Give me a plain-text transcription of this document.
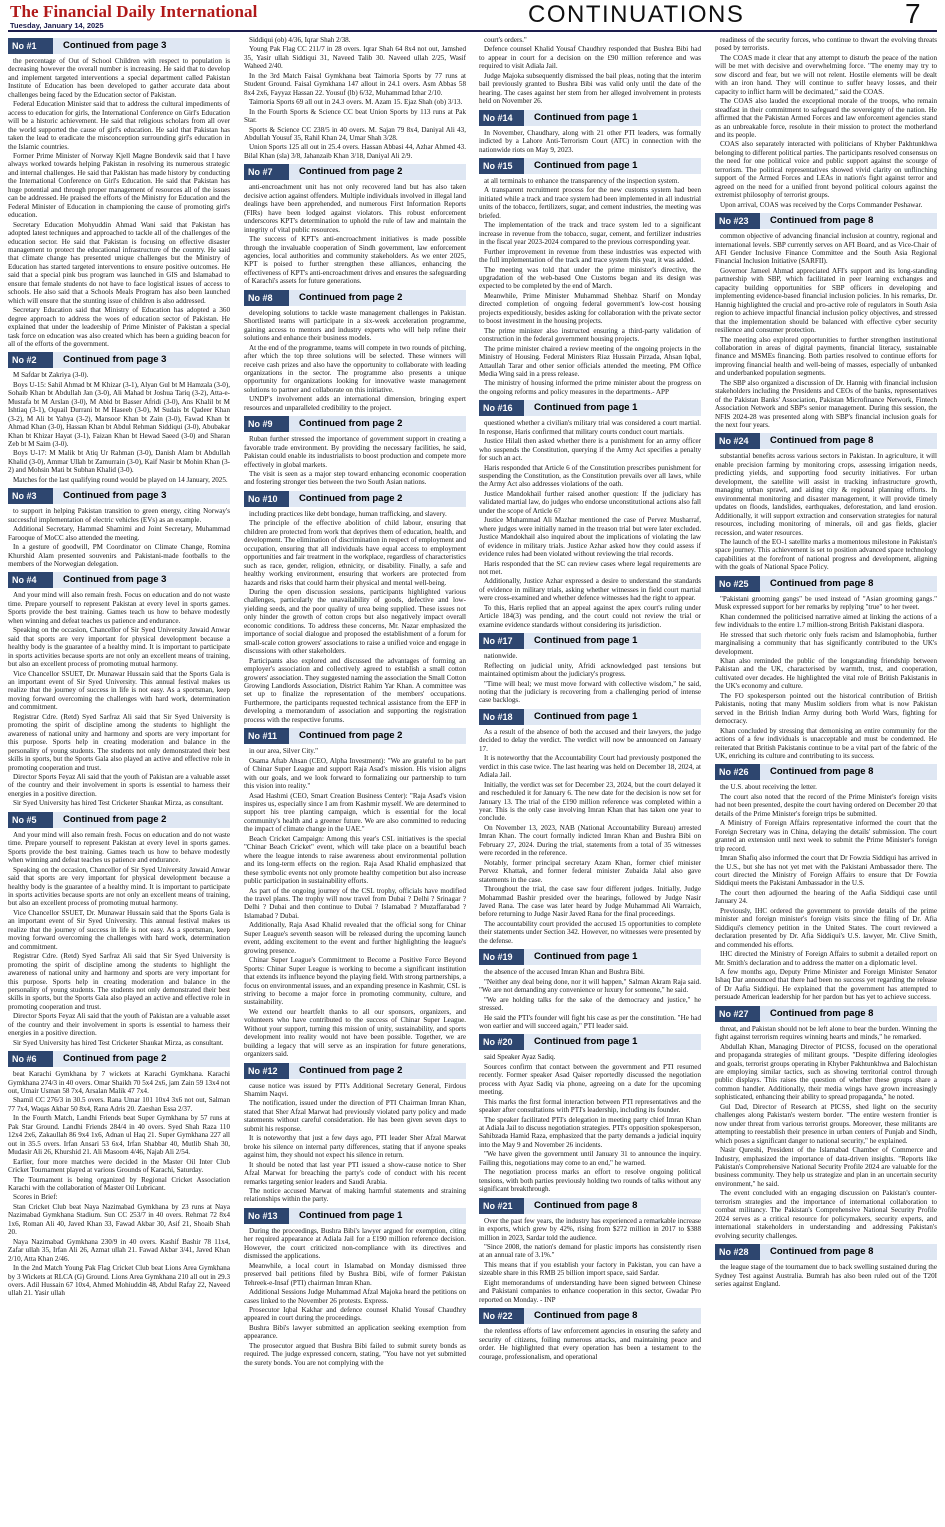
The Financial Daily International
Tuesday, January 14, 2025	CONTINUATIONS	7
No #1	Continued from page 3

the percentage of Out of School Children with respect to population is decreasing however the overall number is increasing. He said that to develop and implement targeted interventions a special department called Pakistan Institute of Education has been developed to gather accurate data about challenges being faced by the Education sector of Pakistan.

Federal Education Minister said that to address the cultural impediments of access to education for girls, the International Conference on Girl's Education will be a historic achievement. He said that religious scholars from all over the world supported the cause of girl's education. He said that Pakistan has taken the lead to eradicate the misconception surrounding girl's education in the Islamic countries.

Former Prime Minister of Norway Kjell Magne Bondevik said that I have always worked towards helping Pakistan in resolving its numerous strategic and internal challenges. He said that Pakistan has made history by conducting the International Conference on Girl's Education. He said that Pakistan has huge potential and through proper management of resources all of the issues can be addressed. He praised the efforts of the Ministry for Education and the Federal Minister of Education in championing the cause of promoting girl's education.

Secretary Education Mohyuddin Ahmad Wani said that Pakistan has adopted latest techniques and approached to tackle all of the challenges of the education sector. He said that Pakistan is focusing on effective disaster management to protect the educational infrastructure of the country. He said that climate change has presented unique challenges but the Ministry of Education has started targeted interventions to ensure positive outcomes. He said that a special pink bus program was launched in GIS and Islamabad to ensure that female students do not have to face logistical issues of access to schools. He also said that a Schools Meals Program has also been launched which will ensure that the stunting issue of children is also addressed.

Secretary Education said that Ministry of Education has adopted a 360 degree approach to address the woes of education sector of Pakistan. He explained that under the leadership of Prime Minister of Pakistan a special task force on education was also created which has been a guiding beacon for all of the efforts of the government.

No #2	Continued from page 3

M Safdar bt Zakriya (3-0).

Boys U-15: Sahil Ahmad bt M Khizar (3-1), Alyan Gul bt M Hamzala (3-0), Sohaib Khan bt Abdullah Jan (3-0), Ali Mahad bt Joshua Tariq (3-2), Atta-e-Mustafa bt M Arslan (3-0), M Abid bt Basser Afridi (3-0), Ans Khalil bt M Ishtiaq (3-1), Oquail Durrani bt M Haseeb (3-0), M Sudais bt Qadeer Khan (3-2), M Ali bt Yahya (3-2), Mansoor Khan bt Zain (3-0), Fawad Khan bt Ahmad Khan (3-0), Hassan Khan bt Abdul Rehman Siddiqui (3-0), Abubakar Khan bt Khizar Hayat (3-1), Faizan Khan bt Hewad Saeed (3-0) and Sharan Zeb bt M Saim (3-0).

Boys U-17: M Malik bt Atiq Ur Rahman (3-0), Danish Alam bt Abdullah Khalid (3-0), Ammar Ullah bt Zamurrain (3-0), Kaif Nasir bt Mohin Khan (3-2) and Mohsin Mati bt Subhan Khalid (3-0).

Matches for the last qualifying round would be played on 14 January, 2025.

No #3	Continued from page 3

to support in helping Pakistan transition to green energy, citing Norway's successful implementation of electric vehicles (EVs) as an example.

Additional Secretary, Hammad Shamimi and Joint Secretary, Muhammad Farooque of MoCC also attended the meeting.

In a gesture of goodwill, PM Coordinator on Climate Change, Romina Khurshid Alam presented souvenirs and Pakistani-made footballs to the members of the Norwegian delegation.

No #4	Continued from page 3

And your mind will also remain fresh. Focus on education and do not waste time. Prepare yourself to represent Pakistan at every level in sports games. Sports provide the best training. Games teach us how to behave modestly when winning and defeat teaches us patience and endurance.

Speaking on the occasion, Chancellor of Sir Syed University Jawaid Anwar said that sports are very important for physical development because a healthy body is the guarantee of a healthy mind. It is important to participate in sports activities because sports are not only an excellent means of training, but also an excellent process of promoting mutual harmony.

Vice Chancellor SSUET, Dr. Munawar Hussain said that the Sports Gala is an important event of Sir Syed University. This annual festival makes us realize that the journey of success in life is not easy. As a sportsman, keep moving forward overcoming the challenges with hard work, determination and commitment.

Registrar Cdre. (Retd) Syed Sarfraz Ali said that Sir Syed University is promoting the spirit of discipline among the students to highlight the awareness of national unity and harmony and sports are very important for this purpose. Sports help in creating moderation and balance in the personality of young students. The students not only demonstrated their best skills in sports, but the Sports Gala also played an active and effective role in promoting cooperation and trust.

Director Sports Feyaz Ali said that the youth of Pakistan are a valuable asset of the country and their involvement in sports is essential to harness their energies in a positive direction.

Sir Syed University has hired Test Cricketer Shaukat Mirza, as consultant.

No #5	Continued from page 2

And your mind will also remain fresh. Focus on education and do not waste time. Prepare yourself to represent Pakistan at every level in sports games. Sports provide the best training. Games teach us how to behave modestly when winning and defeat teaches us patience and endurance.

Speaking on the occasion, Chancellor of Sir Syed University Jawaid Anwar said that sports are very important for physical development because a healthy body is the guarantee of a healthy mind. It is important to participate in sports activities because sports are not only an excellent means of training, but also an excellent process of promoting mutual harmony.

Vice Chancellor SSUET, Dr. Munawar Hussain said that the Sports Gala is an important event of Sir Syed University. This annual festival makes us realize that the journey of success in life is not easy. As a sportsman, keep moving forward overcoming the challenges with hard work, determination and commitment.

Registrar Cdre. (Retd) Syed Sarfraz Ali said that Sir Syed University is promoting the spirit of discipline among the students to highlight the awareness of national unity and harmony and sports are very important for this purpose. Sports help in creating moderation and balance in the personality of young students. The students not only demonstrated their best skills in sports, but the Sports Gala also played an active and effective role in promoting cooperation and trust.

Director Sports Feyaz Ali said that the youth of Pakistan are a valuable asset of the country and their involvement in sports is essential to harness their energies in a positive direction.

Sir Syed University has hired Test Cricketer Shaukat Mirza, as consultant.

No #6	Continued from page 2

beat Karachi Gymkhana by 7 wickets at Karachi Gymkhana. Karachi Gymkhana 274/3 in 40 overs. Omar Shaikh 70 5x4 2x6, jam Zain 59 13x4 not out, Umair Usman 58 7x4, Arsalan Malik 47 7x4.

Shamil CC 276/3 in 30.5 overs. Rana Umar 101 10x4 3x6 not out, Salman 77 7x4, Waqas Akbar 50 8x4, Rana Adris 20. Zaeshan Essa 2/37.

In the Fourth Match, Landhi Friends beat Super Gymkhana by 57 runs at Pak Star Ground. Landhi Friends 284/4 in 40 overs. Syed Shah Raza 110 12x4 2x6, Zakaullah 86 9x4 1x6, Adnan ul Haq 21. Super Gymkhana 227 all out in 35.5 overs. Irfan Ansari 53 6x4, Irfan Shabbar 40, Mutlib Shah 30, Mudasir Ali 26, Khurshid 21. Ali Masoom 4/46, Najab Ali 2/54.

Earlier, four more matches were decided in the Master Oil Inter Club Cricket Tournament played at various Grounds of Karachi, Saturday.

The Tournament is being organized by Regional Cricket Association Karachi with the collaboration of Master Oil Lubricant.

Scores in Brief:

Stan Cricket Club beat Naya Nazimabad Gymkhana by 23 runs at Naya Nazimabad Gymkhana Stadium. Sun CC 253/7 in 40 overs. Rehmat 72 8x4 1x6, Roman Ali 40, Javed Khan 33, Fawad Akbar 30, Asif 21, Shoaib Shah 20.

Naya Nazimabad Gymkhana 230/9 in 40 overs. Kashif Bashir 78 11x4, Zafar ullah 35, Irfan Ali 26, Azmat ullah 21. Fawad Akbar 3/41, Javed Khan 2/10, Atta Khan 2/46.

In the 2nd Match Young Pak Flag Cricket Club beat Lions Area Gymkhana by 3 Wickets at RLCA (G) Ground. Lions Area Gymkhana 210 all out in 29.3 overs. Adil Hussain 67 10x4, Ahmed Mohiuddin 48, Abdul Rafay 22, Naveed ullah 21. Yasir ullah

Siddiqui (ob) 4/36, Iqrar Shah 2/38.

Young Pak Flag CC 211/7 in 28 overs. Iqrar Shah 64 8x4 not out, Jamshed 35, Yasir ullah Siddiqui 31, Naveed Talib 30. Naveed ullah 2/25, Wasif Waheed 2/40.

In the 3rd Match Faisal Gymkhana beat Taimoria Sports by 77 runs at Student Ground. Faisal Gymkhana 147 allout in 24.1 overs. Asm Abbas 58 8x4 2x6, Fayyaz Hassan 22. Yousuf (lb) 6/32, Muhammad Izhar 2/10.

Taimoria Sports 69 all out in 24.3 overs. M. Azam 15. Ejaz Shah (ob) 3/13.

In the Fourth Sports & Science CC beat Union Sports by 113 runs at Pak Star.

Sports & Science CC 238/5 in 40 overs. M. Sajan 79 8x4, Daniyal Ali 43, Abdullah Yousuf 35, Rahil Khan 24, Umar Shah 3/28.

Union Sports 125 all out in 25.4 overs. Hassan Abbasi 44, Azhar Ahmed 43. Bilal Khan (sla) 3/8, Jahanzaib Khan 3/18, Daniyal Ali 2/9.

No #7	Continued from page 2

anti-encroachment unit has not only recovered land but has also taken decisive action against offenders. Multiple individuals involved in illegal land dealings have been apprehended, and numerous First Information Reports (FIRs) have been lodged against violators. This robust enforcement underscores KPT's determination to uphold the rule of law and maintain the integrity of vital public resources.

The success of KPT's anti-encroachment initiatives is made possible through the invaluable cooperation of Sindh government, law enforcement agencies, local authorities and community stakeholders. As we enter 2025, KPT is poised to further strengthen these alliances, enhancing the effectiveness of KPT's anti-encroachment drives and ensures the safeguarding of Karachi's assets for future generations.

No #8	Continued from page 2

developing solutions to tackle waste management challenges in Pakistan. Shortlisted teams will participate in a six-week acceleration programme, gaining access to mentors and industry experts who will help refine their solutions and enhance their business models.

At the end of the programme, teams will compete in two rounds of pitching, after which the top three solutions will be selected. These winners will receive cash prizes and also have the opportunity to collaborate with leading organizations in the sector. The programme also presents a unique opportunity for organizations looking for innovative waste management solutions to partner and collaborate on this initiative.

UNDP's involvement adds an international dimension, bringing expert resources and unparalleled credibility to the project.

No #9	Continued from page 2

Ruban further stressed the importance of government support in creating a favorable trade environment. By providing the necessary facilities, he said, Pakistan could enable its industrialists to boost production and compete more effectively in global markets.

The visit is seen as a major step toward enhancing economic cooperation and fostering stronger ties between the two South Asian nations.

No #10	Continued from page 2

including practices like debt bondage, human trafficking, and slavery.

The principle of the effective abolition of child labour, ensuring that children are protected from work that deprives them of education, health, and development. The elimination of discrimination in respect of employment and occupation, ensuring that all individuals have equal access to employment opportunities and fair treatment in the workplace, regardless of characteristics such as race, gender, religion, ethnicity, or disability. Finally, a safe and healthy working environment, ensuring that workers are protected from hazards and risks that could harm their physical and mental well-being.

During the open discussion sessions, participants highlighted various challenges, particularly the unavailability of goods, defective and low-yielding seeds, and the poor quality of urea being supplied. These issues not only hinder the growth of cotton crops but also negatively impact overall economic conditions. To address these concerns, Mr. Nazar emphasized the importance of social dialogue and proposed the establishment of a forum for small-scale cotton growers' associations to raise a unified voice and engage in discussions with other stakeholders.

Participants also explored and discussed the advantages of forming an employer's association and collectively agreed to establish a small cotton growers' association. They suggested naming the association the Small Cotton Growing Landlords Association, District Rahim Yar Khan. A committee was set up to finalize the representation of the members' occupations. Furthermore, the participants requested technical assistance from the EFP in developing a memorandum of association and supporting the registration process with the respective forums.

No #11	Continued from page 2

in our area, Silver City."

Osama Aftab Ahsan (CEO, Alpha Investment): "We are grateful to be part of Chinar Super League and support Raja Asad's mission. His vision aligns with our goals, and we look forward to formalizing our partnership to turn this vision into reality."

Asad Hashmi (CEO, Smart Creation Business Center): "Raja Asad's vision inspires us, especially since I am from Kashmir myself. We are determined to support his tree planting campaign, which is essential for the local community's health and a greener future. We are also committed to reducing the impact of climate change in the UAE."

Beach Cricket Campaign: Among this year's CSL initiatives is the special "Chinar Beach Cricket" event, which will take place on a beautiful beach where the league intends to raise awareness about environmental pollution and its long-term effects on the region. Raja Asad Khalid emphasized that these symbolic events not only promote healthy competition but also increase public participation in sustainability efforts.

As part of the ongoing journey of the CSL trophy, officials have modified the travel plans. The trophy will now travel from Dubai ? Delhi ? Srinagar ? Delhi ? Dubai and then continue to Dubai ? Islamabad ? Muzaffarabad ? Islamabad ? Dubai.

Additionally, Raja Asad Khalid revealed that the official song for Chinar Super League's seventh season will be released during the upcoming launch event, adding excitement to the event and further highlighting the league's growing presence.

Chinar Super League's Commitment to Become a Positive Force Beyond Sports: Chinar Super League is working to become a significant institution that extends its influence beyond the playing field. With strong partnerships, a focus on environmental issues, and an expanding presence in Kashmir, CSL is striving to become a major force in promoting community, culture, and sustainability.

We extend our heartfelt thanks to all our sponsors, organizers, and volunteers who have contributed to the success of Chinar Super League. Without your support, turning this mission of unity, sustainability, and sports development into reality would not have been possible. Together, we are building a legacy that will serve as an inspiration for future generations, organizers said.

No #12	Continued from page 2

cause notice was issued by PTI's Additional Secretary General, Firdous Shamim Naqvi.

The notification, issued under the direction of PTI Chairman Imran Khan, stated that Sher Afzal Marwat had previously violated party policy and made statements without careful consideration. He has been given seven days to submit his response.

It is noteworthy that just a few days ago, PTI leader Sher Afzal Marwat broke his silence on internal party differences, stating that if anyone speaks against him, they should not expect his silence in return.

It should be noted that last year PTI issued a show-cause notice to Sher Afzal Marwat for breaching the party's code of conduct with his recent remarks targeting senior leaders and Saudi Arabia.

The notice accused Marwat of making harmful statements and straining relationships within the party.

No #13	Continued from page 1

During the proceedings, Bushra Bibi's lawyer argued for exemption, citing her required appearance at Adiala Jail for a £190 million reference decision. However, the court criticized non-compliance with its directives and dismissed the applications.

Meanwhile, a local court in Islamabad on Monday dismissed three preserved bail petitions filed by Bushra Bibi, wife of former Pakistan Tehreek-e-Insaf (PTI) chairman Imran Khan.

Additional Sessions Judge Muhammad Afzal Majoka heard the petitions on cases linked to the November 26 protests. Express.

Prosecutor Iqbal Kakhar and defence counsel Khalid Yousaf Chaudhry appeared in court during the proceedings.

Bushra Bibi's lawyer submitted an application seeking exemption from appearance.

The prosecutor argued that Bushra Bibi failed to submit surety bonds as required. The judge expressed concern, stating, "You have not yet submitted the surety bonds. You are not complying with the

court's orders."

Defence counsel Khalid Yousaf Chaudhry responded that Bushra Bibi had to appear in court for a decision on the £90 million reference and was required to visit Adiala Jail.

Judge Majoka subsequently dismissed the bail pleas, noting that the interim bail previously granted to Bushra Bibi was valid only until the date of the hearing. The cases against her stem from her alleged involvement in protests held on November 26.

No #14	Continued from page 1

In November, Chaudhary, along with 21 other PTI leaders, was formally indicted by a Lahore Anti-Terrorism Court (ATC) in connection with the nationwide riots on May 9, 2023.

No #15	Continued from page 1

at all terminals to enhance the transparency of the inspection system.

A transparent recruitment process for the new customs system had been initiated while a track and trace system had been implemented in all industrial units of the tobacco, fertilizers, sugar, and cement industries, the meeting was briefed.

The implementation of the track and trace system led to a significant increase in revenue from the tobacco, sugar, cement, and fertilizer industries in the fiscal year 2023-2024 compared to the previous corresponding year.

Further improvement in revenue from these industries was expected with the full implementation of the track and trace system this year, it was added.

The meeting was told that under the prime minister's directive, the upgradation of the web-based One Customs began and its design was expected to be completed by the end of March.

Meanwhile, Prime Minister Muhammad Shehbaz Sharif on Monday directed completion of ongoing federal government's low-cost housing projects expeditiously, besides asking for collaboration with the private sector to boost investment in the housing projects.

The prime minister also instructed ensuring a third-party validation of construction in the federal government housing projects.

The prime minister chaired a review meeting of the ongoing projects in the Ministry of Housing. Federal Ministers Riaz Hussain Pirzada, Ahsan Iqbal, Attaullah Tarar and other senior officials attended the meeting, PM Office Media Wing said in a press release.

The ministry of housing informed the prime minister about the progress on the ongoing reforms and policy measures in the departments.- APP

No #16	Continued from page 1

questioned whether a civilian's military trial was considered a court martial. In response, Haris confirmed that military courts conduct court martials.

Justice Hilali then asked whether there is a punishment for an army officer who suspends the Constitution, querying if the Army Act specifies a penalty for such an act.

Haris responded that Article 6 of the Constitution prescribes punishment for suspending the Constitution, as the Constitution prevails over all laws, while the Army Act also addresses violations of the oath.

Justice Mandokhail further raised another question: If the judiciary has validated martial law, do judges who endorse unconstitutional actions also fall under the scope of Article 6?

Justice Muhammad Ali Mazhar mentioned the case of Pervez Musharraf, where judges were initially named in the treason trial but were later excluded. Justice Mandokhail also inquired about the implications of violating the law of evidence in military trials. Justice Azhar asked how they could assess if evidence rules had been violated without reviewing the trial records.

Haris responded that the SC can review cases where legal requirements are not met.

Additionally, Justice Azhar expressed a desire to understand the standards of evidence in military trials, asking whether witnesses in field court martial were cross-examined and whether defence witnesses had the right to appear.

To this, Haris replied that an appeal against the apex court's ruling under Article 184(3) was pending, and the court could not review the trial or examine evidence standards without considering its jurisdiction.

No #17	Continued from page 1

nationwide.

Reflecting on judicial unity, Afridi acknowledged past tensions but maintained optimism about the judiciary's progress.

"Time will heal; we must move forward with collective wisdom," he said, noting that the judiciary is recovering from a challenging period of intense case backlogs.

No #18	Continued from page 1

As a result of the absence of both the accused and their lawyers, the judge decided to delay the verdict. The verdict will now be announced on January 17.

It is noteworthy that the Accountability Court had previously postponed the verdict in this case twice. The last hearing was held on December 18, 2024, at Adiala Jail.

Initially, the verdict was set for December 23, 2024, but the court delayed it and rescheduled it for January 6. The new date for the decision is now set for January 13. The trial of the £190 million reference was completed within a year. This is the only case involving Imran Khan that has taken one year to conclude.

On November 13, 2023, NAB (National Accountability Bureau) arrested Imran Khan. The court formally indicted Imran Khan and Bushra Bibi on February 27, 2024. During the trial, statements from a total of 35 witnesses were recorded in the reference.

Notably, former principal secretary Azam Khan, former chief minister Pervez Khattak, and former federal minister Zubaida Jalal also gave statements in the case.

Throughout the trial, the case saw four different judges. Initially, Judge Mohammad Bashir presided over the hearings, followed by Judge Nasir Javed Rana. The case was later heard by Judge Muhammad Ali Warraich, before returning to Judge Nasir Javed Rana for the final proceedings.

The accountability court provided the accused 15 opportunities to complete their statements under Section 342. However, no witnesses were presented by the defense.

No #19	Continued from page 1

the absence of the accused Imran Khan and Bushra Bibi.

"Neither any deal being done, nor it will happen," Salman Akram Raja said. "We are not demanding any convenience or luxury for someone," he said.

"We are holding talks for the sake of the democracy and justice," he stressed.

He said the PTI's founder will fight his case as per the constitution. "He had won earlier and will succeed again," PTI leader said.

No #20	Continued from page 1

said Speaker Ayaz Sadiq.

Sources confirm that contact between the government and PTI resumed recently. Former speaker Asad Qaiser reportedly discussed the negotiation process with Ayaz Sadiq via phone, agreeing on a date for the upcoming meeting.

This marks the first formal interaction between PTI representatives and the speaker after consultations with PTI's leadership, including its founder.

The speaker facilitated PTI's delegation in meeting party chief Imran Khan at Adiala Jail to discuss negotiation strategies. PTI's opposition spokesperson, Sahibzada Hamid Raza, emphasized that the party demands a judicial inquiry into the May 9 and November 26 incidents.

"We have given the government until January 31 to announce the inquiry. Failing this, negotiations may come to an end," he warned.

The negotiation process marks an effort to resolve ongoing political tensions, with both parties previously holding two rounds of talks without any significant breakthrough.

No #21	Continued from page 8

Over the past few years, the industry has experienced a remarkable increase in exports, which grew by 42%, rising from $272 million in 2017 to $388 million in 2023, Sardar told the audience.

"Since 2008, the nation's demand for plastic imports has consistently risen at an annual rate of 3.1%."

This means that if you establish your factory in Pakistan, you can have a sizeable share in this RMB 25 billion import space, said Sardar.

Eight memorandums of understanding have been signed between Chinese and Pakistani companies to enhance cooperation in this sector, Gwadar Pro reported on Monday. - INP

No #22	Continued from page 8

the relentless efforts of law enforcement agencies in ensuring the safety and security of citizens, foiling numerous attacks, and maintaining peace and order. He highlighted that every operation has been a testament to the courage, professionalism, and operational

readiness of the security forces, who continue to thwart the evolving threats posed by terrorists.

The COAS made it clear that any attempt to disturb the peace of the nation will be met with decisive and overwhelming force. "The enemy may try to sow discord and fear, but we will not relent. Hostile elements will be dealt with an iron hand. They will continue to suffer heavy losses, and their capacity to inflict harm will be decimated," said the COAS.

The COAS also lauded the exceptional morale of the troops, who remain steadfast in their commitment to safeguard the sovereignty of the nation. He affirmed that the Pakistan Armed Forces and law enforcement agencies stand as an unbreakable force, resolute in their mission to protect the motherland and its people.

COAS also separately interacted with politicians of Khyber Pakhtunkhwa belonging to different political parties. The participants resolved consensus on the need for one political voice and public support against the scourge of terrorism. The political representatives showed vivid clarity on unflinching support of the Armed Forces and LEAs in nation's fight against terror and agreed on the need for a unified front beyond political colours against the extremist philosophy of terrorist groups.

Upon arrival, COAS was received by the Corps Commander Peshawar.

No #23	Continued from page 8

common objective of advancing financial inclusion at country, regional and international levels. SBP currently serves on AFI Board, and as Vice-Chair of AFI Gender Inclusive Finance Committee and the South Asia Regional Financial Inclusion Initiative (SARFII).

Governor Jameel Ahmad appreciated AFI's support and its long-standing partnership with SBP, which facilitated in peer learning exchanges and capacity building opportunities for SBP officers in developing and implementing evidence-based financial inclusion policies. In his remarks, Dr. Hannig highlighted the crucial and pro-active role of regulators in South Asia region to achieve impactful financial inclusion policy objectives, and stressed that the implementation should be balanced with effective cyber security resilience and consumer protection.

The meeting also explored opportunities to further strengthen institutional collaboration in areas of digital payments, financial literacy, sustainable finance and MSMEs financing. Both parties resolved to continue efforts for improving financial health and well-being of masses, especially of unbanked and underbanked population segments.

The SBP also organized a discussion of Dr. Hannig with financial inclusion stakeholders including the Presidents and CEOs of the banks, representatives of the Pakistan Banks' Association, Pakistan Microfinance Network, Fintech Association Network and SBP's senior management. During this session, the NFIS 2024-28 was presented along with SBP's financial inclusion goals for the next four years.

No #24	Continued from page 8

substantial benefits across various sectors in Pakistan. In agriculture, it will enable precision farming by monitoring crops, assessing irrigation needs, predicting yields, and supporting food security initiatives. For urban development, the satellite will assist in tracking infrastructure growth, managing urban sprawl, and aiding city & regional planning efforts. In environmental monitoring and disaster management, it will provide timely updates on floods, landslides, earthquakes, deforestation, and land erosion. Additionally, it will support extraction and conservation strategies for natural resources, including monitoring of minerals, oil and gas fields, glacier recession, and water resources.

The launch of the EO-1 satellite marks a momentous milestone in Pakistan's space journey. This achievement is set to position advanced space technology capabilities at the forefront of national progress and development, aligning with the goals of National Space Policy.

No #25	Continued from page 8

"Pakistani grooming gangs" be used instead of "Asian grooming gangs." Musk expressed support for her remarks by replying "true" to her tweet.

Khan condemned the politicised narrative aimed at linking the actions of a few individuals to the entire 1.7 million-strong British Pakistani diaspora.

He stressed that such rhetoric only fuels racism and Islamophobia, further marginalising a community that has significantly contributed to the UK's development.

Khan also reminded the public of the longstanding friendship between Pakistan and the UK, characterised by warmth, trust, and cooperation, cultivated over decades. He highlighted the vital role of British Pakistanis in the UK's economy and culture.

The FO spokesperson pointed out the historical contribution of British Pakistanis, noting that many Muslim soldiers from what is now Pakistan served in the British Indian Army during both World Wars, fighting for democracy.

Khan concluded by stressing that demonising an entire community for the actions of a few individuals is unacceptable and must be condemned. He reiterated that British Pakistanis continue to be a vital part of the fabric of the UK, enriching its culture and contributing to its success.

No #26	Continued from page 8

the U.S. about receiving the letter.

The court also noted that the record of the Prime Minister's foreign visits had not been presented, despite the court having ordered on December 20 that details of the Prime Minister's foreign trips be submitted.

A Ministry of Foreign Affairs representative informed the court that the Foreign Secretary was in China, delaying the details' submission. The court granted an extension until next week to submit the Prime Minister's foreign trip record.

Imran Shafiq also informed the court that Dr Fowzia Siddiqui has arrived in the U.S., but she has not yet met with the Pakistani Ambassador there. The court directed the Ministry of Foreign Affairs to ensure that Dr Fowzia Siddiqui meets the Pakistani Ambassador in the U.S.

The court then adjourned the hearing of the Aafia Siddiqui case until January 24.

Previously, IHC ordered the government to provide details of the prime minister and foreign minister's foreign visits since the filing of Dr. Afia Siddiqui's clemency petition in the United States. The court reviewed a declaration presented by Dr. Afia Siddiqui's U.S. lawyer, Mr. Clive Smith, and commended his efforts.

IHC directed the Ministry of Foreign Affairs to submit a detailed report on Mr. Smith's declaration and to address the matter on a diplomatic level.

A few months ago, Deputy Prime Minister and Foreign Minister Senator Ishaq Dar announced that there had been no success yet regarding the release of Dr Aafia Siddiqui. He explained that the government has attempted to persuade American leadership for her pardon but has yet to achieve success.

No #27	Continued from page 8

threat, and Pakistan should not be left alone to bear the burden. Winning the fight against terrorism requires winning hearts and minds," he remarked.

Abdullah Khan, Managing Director of PICSS, focused on the operational and propaganda strategies of militant groups. "Despite differing ideologies and goals, terrorist groups operating in Khyber Pakhtunkhwa and Balochistan are employing similar tactics, such as showing territorial control through public displays. This raises the question of whether these groups share a common handler. Additionally, their media wings have grown increasingly sophisticated, enhancing their ability to spread propaganda," he noted.

Gul Dad, Director of Research at PICSS, shed light on the security challenges along Pakistan's western border. "The entire western frontier is now under threat from various terrorist groups. Moreover, these militants are attempting to reestablish their presence in urban centers of Punjab and Sindh, which poses a significant danger to national security," he explained.

Nasir Qureshi, President of the Islamabad Chamber of Commerce and Industry, emphasized the importance of data-driven insights. "Reports like Pakistan's Comprehensive National Security Profile 2024 are valuable for the business community. They help us strategize and plan in an uncertain security environment," he said.

The event concluded with an engaging discussion on Pakistan's counter-terrorism strategies and the importance of international collaboration to combat militancy. The Pakistan's Comprehensive National Security Profile 2024 serves as a critical resource for policymakers, security experts, and international stakeholders in understanding and addressing Pakistan's evolving security challenges.

No #28	Continued from page 8

the league stage of the tournament due to back swelling sustained during the Sydney Test against Australia. Bumrah has also been ruled out of the T20I series against England.
